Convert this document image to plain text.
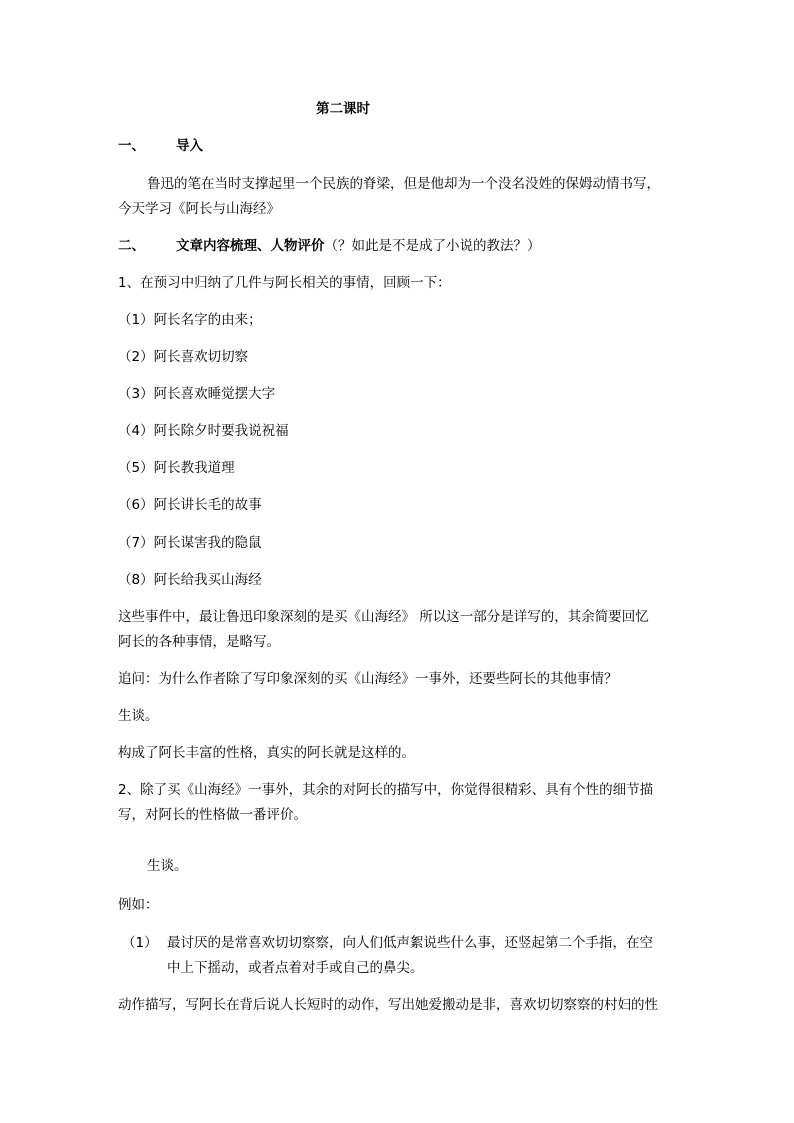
第二课时
一、 导入
鲁迅的笔在当时支撑起里一个民族的脊梁，但是他却为一个没名没姓的保姆动情书写，
今天学习《阿长与山海经》
二、 文章内容梳理、人物评价（？如此是不是成了小说的教法？）
1、在预习中归纳了几件与阿长相关的事情，回顾一下：
（1）阿长名字的由来；
（2）阿长喜欢切切察
（3）阿长喜欢睡觉摆大字
（4）阿长除夕时要我说祝福
（5）阿长教我道理
（6）阿长讲长毛的故事
（7）阿长谋害我的隐鼠
（8）阿长给我买山海经
这些事件中，最让鲁迅印象深刻的是买《山海经》 所以这一部分是详写的，其余简要回忆
阿长的各种事情，是略写。
追问：为什么作者除了写印象深刻的买《山海经》一事外，还要些阿长的其他事情？
生谈。
构成了阿长丰富的性格，真实的阿长就是这样的。
2、除了买《山海经》一事外，其余的对阿长的描写中，你觉得很精彩、具有个性的细节描
写，对阿长的性格做一番评价。
生谈。
例如：
（1） 最讨厌的是常喜欢切切察察，向人们低声絮说些什么事，还竖起第二个手指，在空
中上下摇动，或者点着对手或自己的鼻尖。
动作描写，写阿长在背后说人长短时的动作，写出她爱搬动是非，喜欢切切察察的村妇的性
